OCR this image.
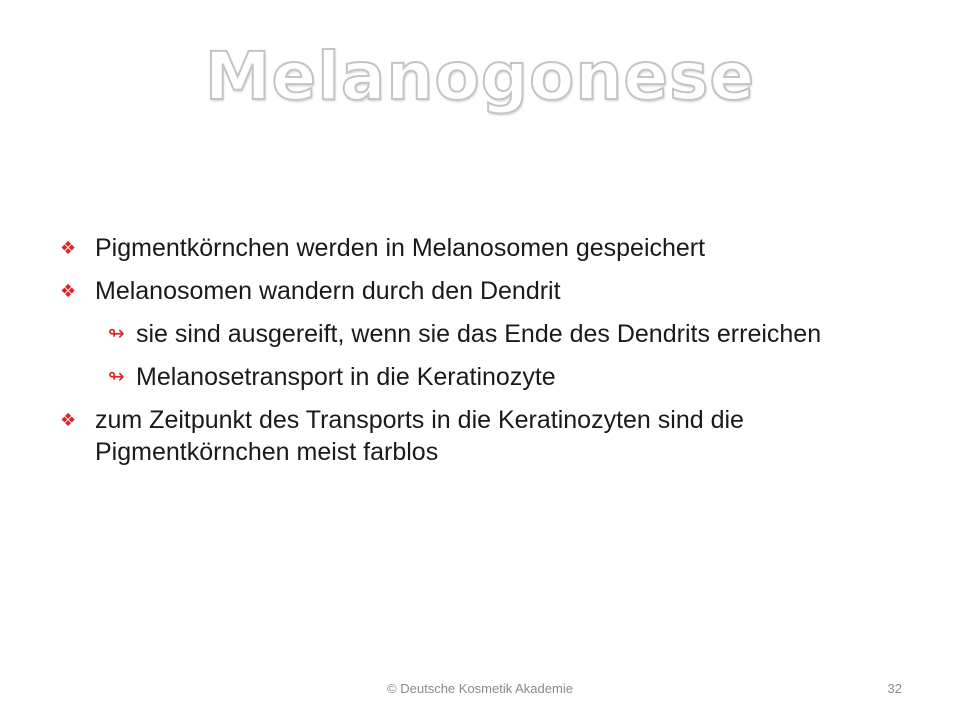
Melanogonese
❖ Pigmentkörnchen werden in Melanosomen gespeichert
❖ Melanosomen wandern durch den Dendrit
↬ sie sind ausgereift, wenn sie das Ende des Dendrits erreichen
↬ Melanosetransport in die Keratinozyte
❖ zum Zeitpunkt des Transports in die Keratinozyten sind die Pigmentkörnchen meist farblos
© Deutsche Kosmetik Akademie	32
